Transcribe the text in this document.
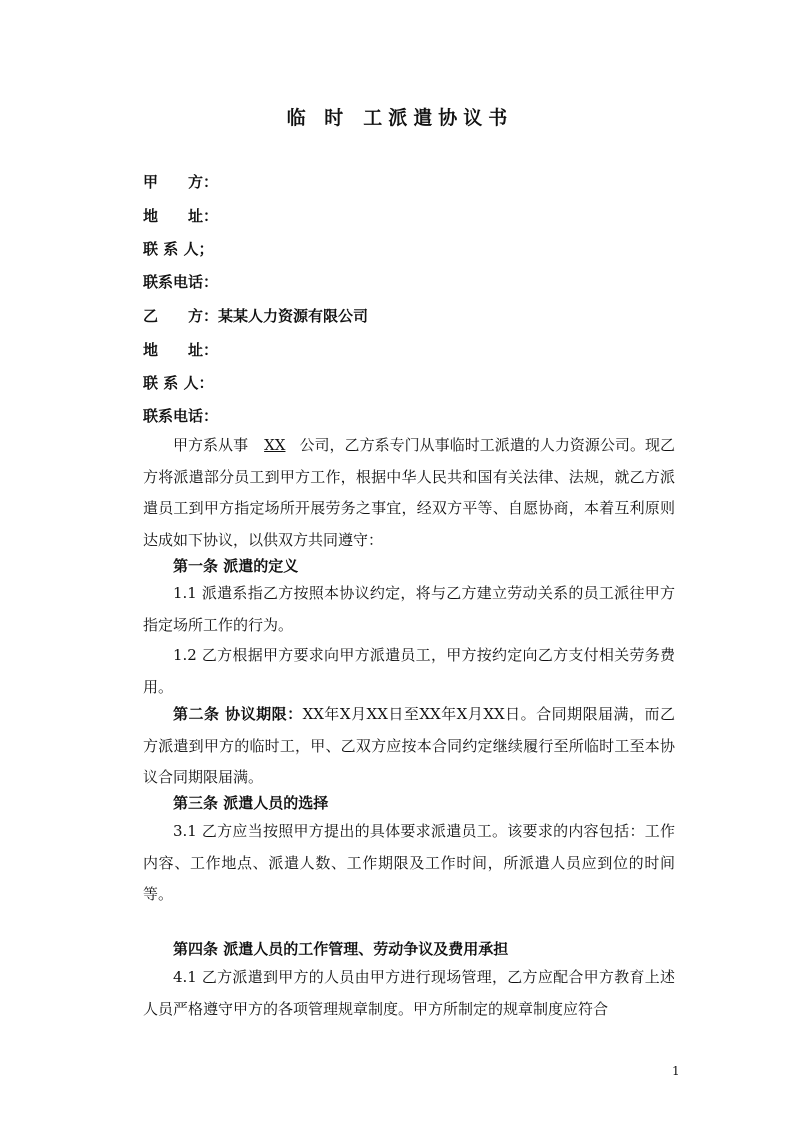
临 时 工派遣协议书
甲　　方：
地　　址：
联 系 人；
联系电话：
乙　　方：某某人力资源有限公司
地　　址：
联 系 人：
联系电话：
甲方系从事 XX 公司，乙方系专门从事临时工派遣的人力资源公司。现乙方将派遣部分员工到甲方工作，根据中华人民共和国有关法律、法规，就乙方派遣员工到甲方指定场所开展劳务之事宜，经双方平等、自愿协商，本着互利原则达成如下协议，以供双方共同遵守：
第一条 派遣的定义
1.1 派遣系指乙方按照本协议约定，将与乙方建立劳动关系的员工派往甲方指定场所工作的行为。
1.2 乙方根据甲方要求向甲方派遣员工，甲方按约定向乙方支付相关劳务费用。
第二条 协议期限：XX年X月XX日至XX年X月XX日。合同期限届满，而乙方派遣到甲方的临时工，甲、乙双方应按本合同约定继续履行至所临时工至本协议合同期限届满。
第三条 派遣人员的选择
3.1 乙方应当按照甲方提出的具体要求派遣员工。该要求的内容包括：工作内容、工作地点、派遣人数、工作期限及工作时间，所派遣人员应到位的时间等。
第四条 派遣人员的工作管理、劳动争议及费用承担
4.1 乙方派遣到甲方的人员由甲方进行现场管理，乙方应配合甲方教育上述人员严格遵守甲方的各项管理规章制度。甲方所制定的规章制度应符合
1
